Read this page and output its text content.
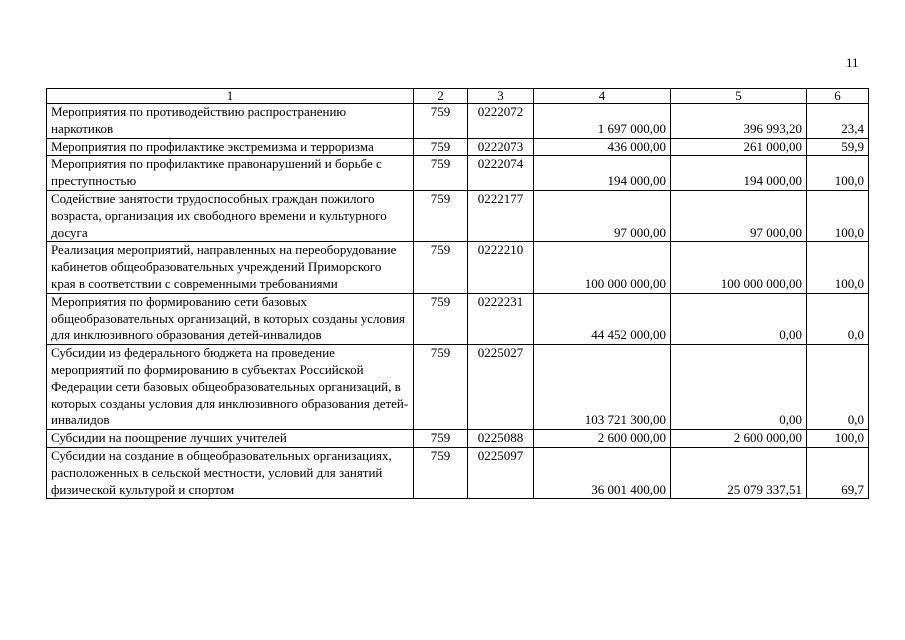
11
1	2	3	4	5	6
Мероприятия по противодействию распространению наркотиков	759	0222072	1 697 000,00	396 993,20	23,4
Мероприятия по профилактике экстремизма и терроризма	759	0222073	436 000,00	261 000,00	59,9
Мероприятия по профилактике правонарушений и борьбе с преступностью	759	0222074	194 000,00	194 000,00	100,0
Содействие занятости трудоспособных граждан пожилого возраста, организация их свободного времени и культурного досуга	759	0222177	97 000,00	97 000,00	100,0
Реализация мероприятий, направленных на переоборудование кабинетов общеобразовательных учреждений Приморского края в соответствии с современными требованиями	759	0222210	100 000 000,00	100 000 000,00	100,0
Мероприятия по формированию сети базовых общеобразовательных организаций, в которых созданы условия для инклюзивного образования детей-инвалидов	759	0222231	44 452 000,00	0,00	0,0
Субсидии из федерального бюджета на проведение мероприятий по формированию в субъектах Российской Федерации сети базовых общеобразовательных организаций, в которых созданы условия для инклюзивного образования детей-инвалидов	759	0225027	103 721 300,00	0,00	0,0
Субсидии на поощрение лучших учителей	759	0225088	2 600 000,00	2 600 000,00	100,0
Субсидии на создание в общеобразовательных организациях, расположенных в сельской местности, условий для занятий физической культурой и спортом	759	0225097	36 001 400,00	25 079 337,51	69,7
